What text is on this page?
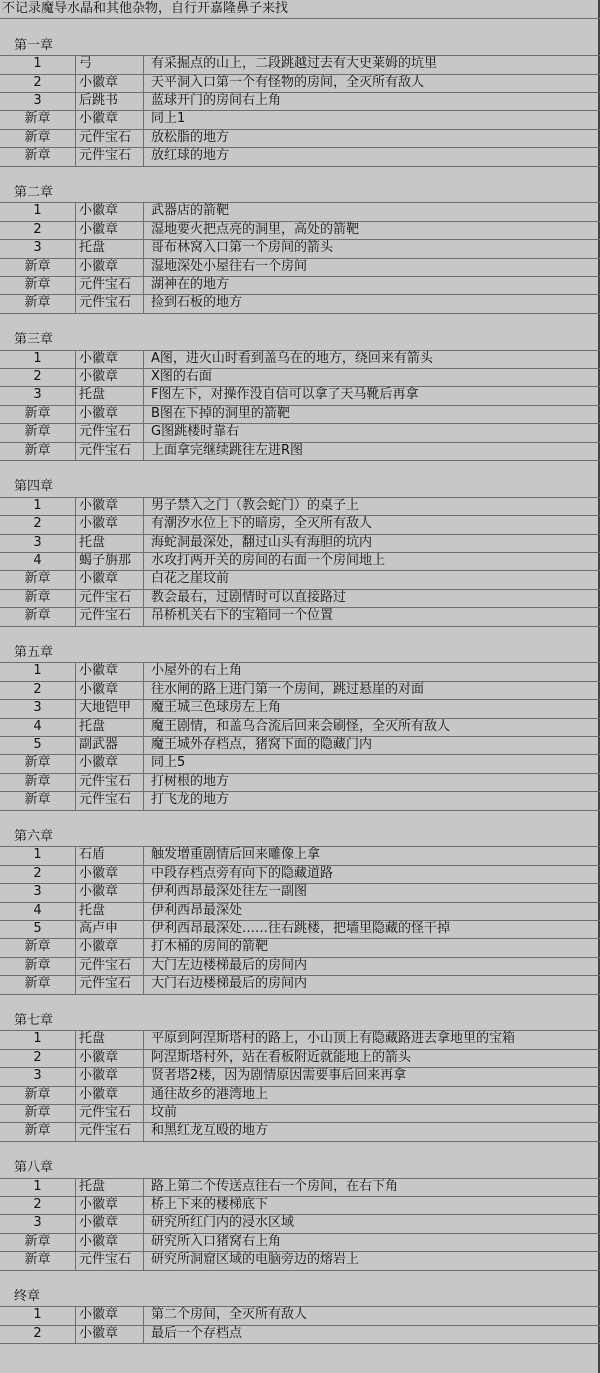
不记录魔导水晶和其他杂物，自行开嘉隆鼻子来找
第一章
1	弓	有采掘点的山上，二段跳越过去有大史莱姆的坑里
2	小徽章	天平洞入口第一个有怪物的房间，全灭所有敌人
3	后跳书	蓝球开门的房间右上角
新章	小徽章	同上1
新章	元件宝石	放松脂的地方
新章	元件宝石	放红球的地方
第二章
1	小徽章	武器店的箭靶
2	小徽章	湿地要火把点亮的洞里，高处的箭靶
3	托盘	哥布林窝入口第一个房间的箭头
新章	小徽章	湿地深处小屋往右一个房间
新章	元件宝石	湖神在的地方
新章	元件宝石	捡到石板的地方
第三章
1	小徽章	A图，进火山时看到盖乌在的地方，绕回来有箭头
2	小徽章	X图的右面
3	托盘	F图左下，对操作没自信可以拿了天马靴后再拿
新章	小徽章	B图在下掉的洞里的箭靶
新章	元件宝石	G图跳楼时靠右
新章	元件宝石	上面拿完继续跳往左进R图
第四章
1	小徽章	男子禁入之门（教会蛇门）的桌子上
2	小徽章	有潮汐水位上下的暗房，全灭所有敌人
3	托盘	海蛇洞最深处，翻过山头有海胆的坑内
4	蝎子旃那	水攻打两开关的房间的右面一个房间地上
新章	小徽章	白花之崖坟前
新章	元件宝石	教会最右，过剧情时可以直接路过
新章	元件宝石	吊桥机关右下的宝箱同一个位置
第五章
1	小徽章	小屋外的右上角
2	小徽章	往水闸的路上进门第一个房间，跳过悬崖的对面
3	大地铠甲	魔王城三色球房左上角
4	托盘	魔王剧情，和盖乌合流后回来会刷怪，全灭所有敌人
5	副武器	魔王城外存档点，猪窝下面的隐藏门内
新章	小徽章	同上5
新章	元件宝石	打树根的地方
新章	元件宝石	打飞龙的地方
第六章
1	石盾	触发增重剧情后回来雕像上拿
2	小徽章	中段存档点旁有向下的隐藏道路
3	小徽章	伊利西昂最深处往左一副图
4	托盘	伊利西昂最深处
5	高卢申	伊利西昂最深处……往右跳楼，把墙里隐藏的怪干掉
新章	小徽章	打木桶的房间的箭靶
新章	元件宝石	大门左边楼梯最后的房间内
新章	元件宝石	大门右边楼梯最后的房间内
第七章
1	托盘	平原到阿涅斯塔村的路上，小山顶上有隐藏路进去拿地里的宝箱
2	小徽章	阿涅斯塔村外，站在看板附近就能地上的箭头
3	小徽章	贤者塔2楼，因为剧情原因需要事后回来再拿
新章	小徽章	通往故乡的港湾地上
新章	元件宝石	坟前
新章	元件宝石	和黑红龙互殴的地方
第八章
1	托盘	路上第二个传送点往右一个房间，在右下角
2	小徽章	桥上下来的楼梯底下
3	小徽章	研究所红门内的浸水区域
新章	小徽章	研究所入口猪窝右上角
新章	元件宝石	研究所洞窟区域的电脑旁边的熔岩上
终章
1	小徽章	第二个房间，全灭所有敌人
2	小徽章	最后一个存档点
